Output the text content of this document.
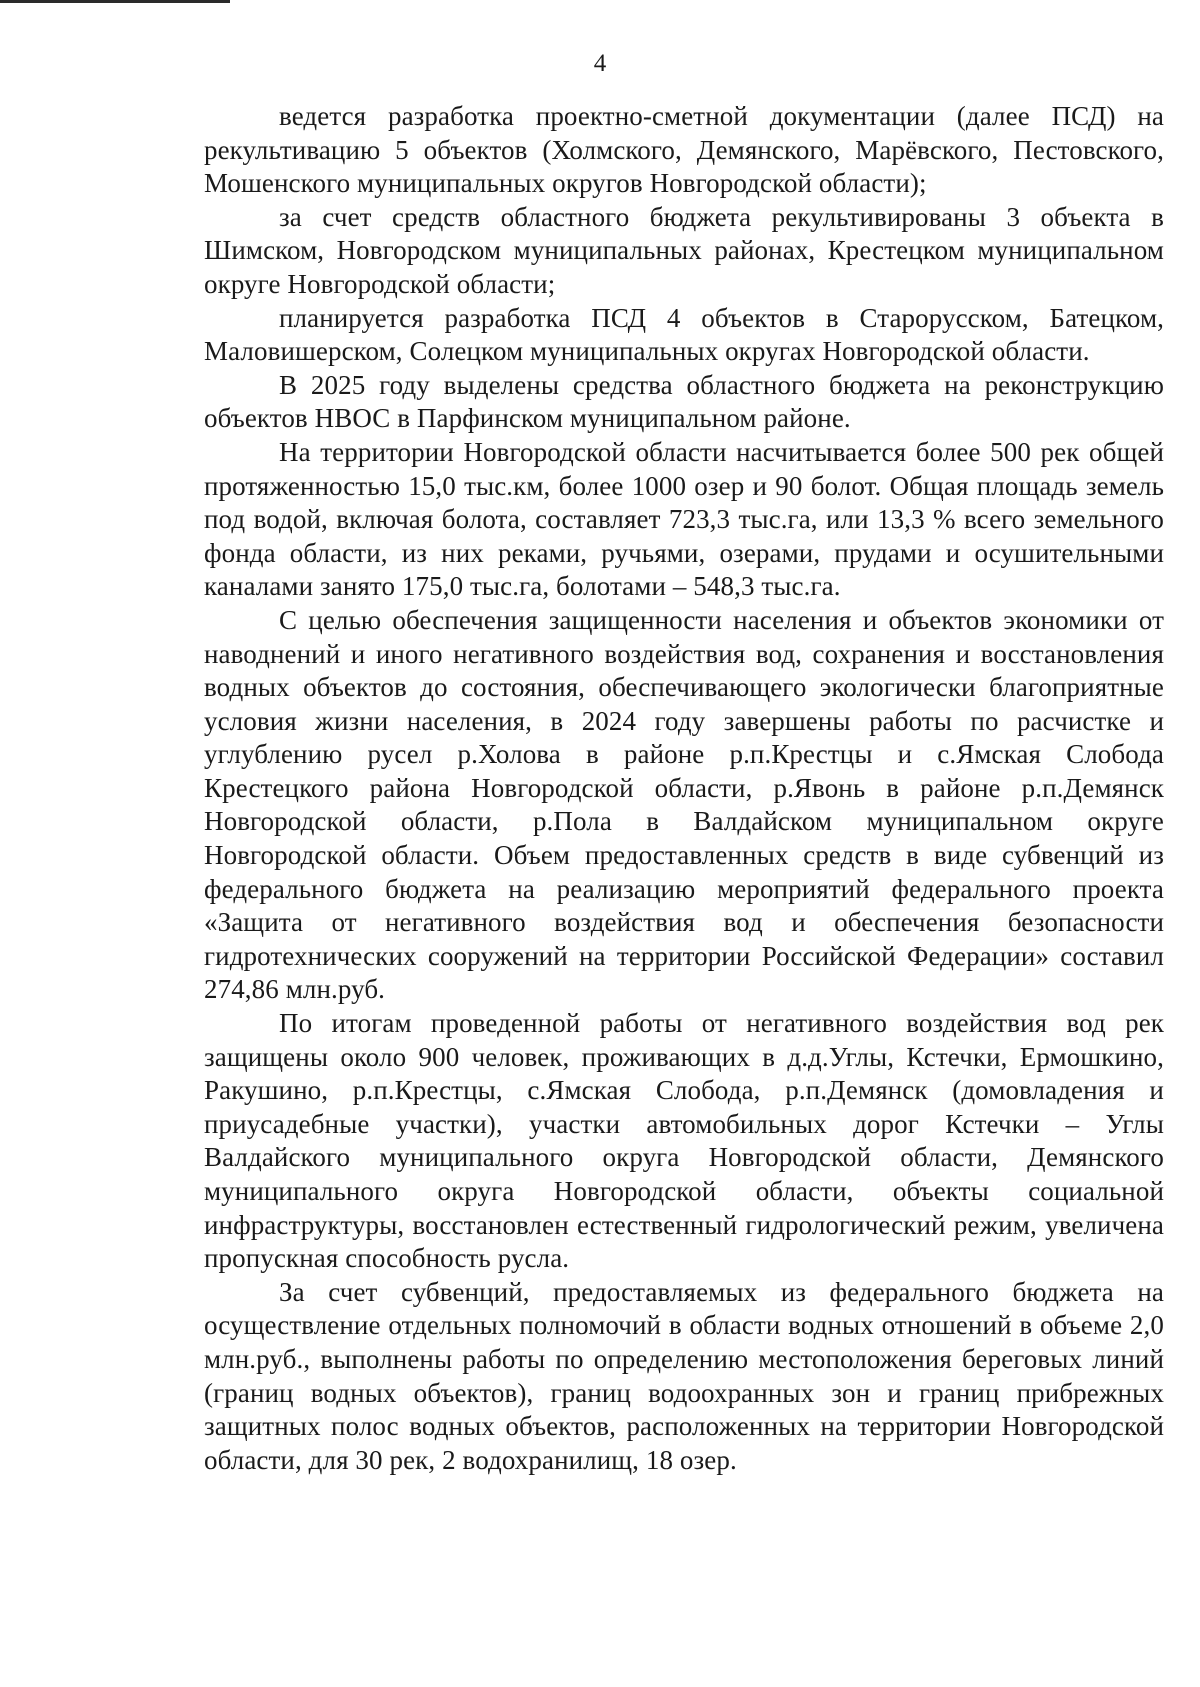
4

ведется разработка проектно-сметной документации (далее ПСД) на рекультивацию 5 объектов (Холмского, Демянского, Марёвского, Пестовского, Мошенского муниципальных округов Новгородской области);

за счет средств областного бюджета рекультивированы 3 объекта в Шимском, Новгородском муниципальных районах, Крестецком муниципальном округе Новгородской области;

планируется разработка ПСД 4 объектов в Старорусском, Батецком, Маловишерском, Солецком муниципальных округах Новгородской области.

В 2025 году выделены средства областного бюджета на реконструкцию объектов НВОС в Парфинском муниципальном районе.

На территории Новгородской области насчитывается более 500 рек общей протяженностью 15,0 тыс.км, более 1000 озер и 90 болот. Общая площадь земель под водой, включая болота, составляет 723,3 тыс.га, или 13,3 % всего земельного фонда области, из них реками, ручьями, озерами, прудами и осушительными каналами занято 175,0 тыс.га, болотами – 548,3 тыс.га.

С целью обеспечения защищенности населения и объектов экономики от наводнений и иного негативного воздействия вод, сохранения и восстановления водных объектов до состояния, обеспечивающего экологически благоприятные условия жизни населения, в 2024 году завершены работы по расчистке и углублению русел р.Холова в районе р.п.Крестцы и с.Ямская Слобода Крестецкого района Новгородской области, р.Явонь в районе р.п.Демянск Новгородской области, р.Пола в Валдайском муниципальном округе Новгородской области. Объем предоставленных средств в виде субвенций из федерального бюджета на реализацию мероприятий федерального проекта «Защита от негативного воздействия вод и обеспечения безопасности гидротехнических сооружений на территории Российской Федерации» составил 274,86 млн.руб.

По итогам проведенной работы от негативного воздействия вод рек защищены около 900 человек, проживающих в д.д.Углы, Кстечки, Ермошкино, Ракушино, р.п.Крестцы, с.Ямская Слобода, р.п.Демянск (домовладения и приусадебные участки), участки автомобильных дорог Кстечки – Углы Валдайского муниципального округа Новгородской области, Демянского муниципального округа Новгородской области, объекты социальной инфраструктуры, восстановлен естественный гидрологический режим, увеличена пропускная способность русла.

За счет субвенций, предоставляемых из федерального бюджета на осуществление отдельных полномочий в области водных отношений в объеме 2,0 млн.руб., выполнены работы по определению местоположения береговых линий (границ водных объектов), границ водоохранных зон и границ прибрежных защитных полос водных объектов, расположенных на территории Новгородской области, для 30 рек, 2 водохранилищ, 18 озер.
